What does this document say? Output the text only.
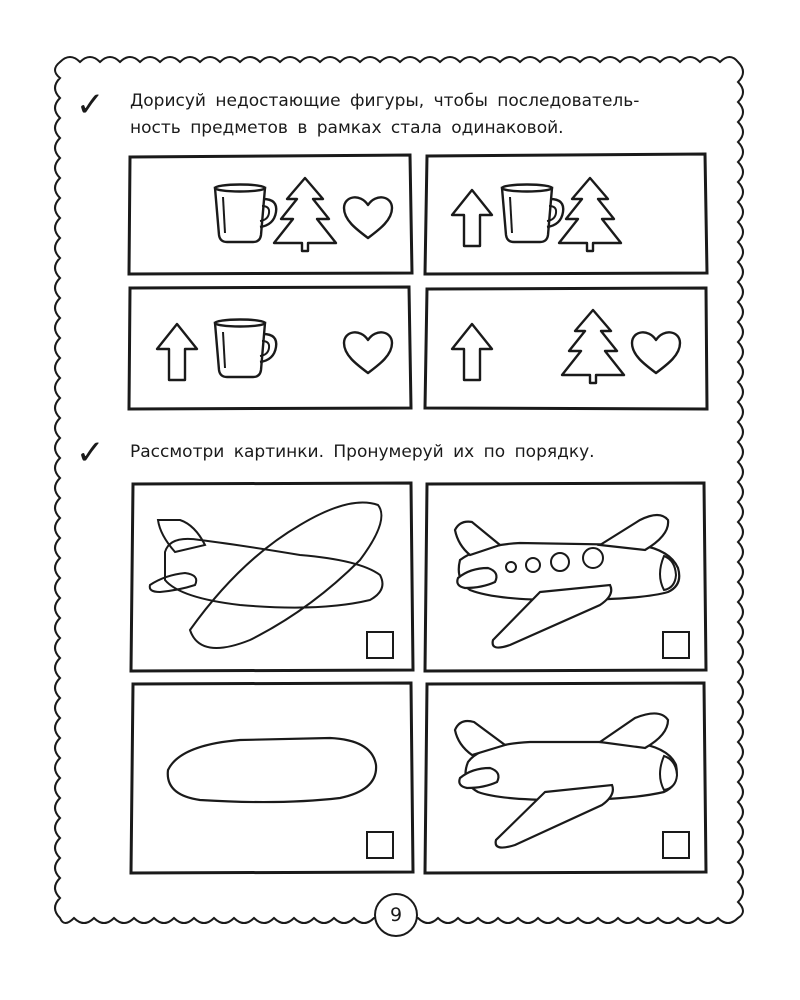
✓ Дорисуй недостающие фигуры, чтобы последователь-
ность предметов в рамках стала одинаковой.
✓ Рассмотри картинки. Пронумеруй их по порядку.
9
